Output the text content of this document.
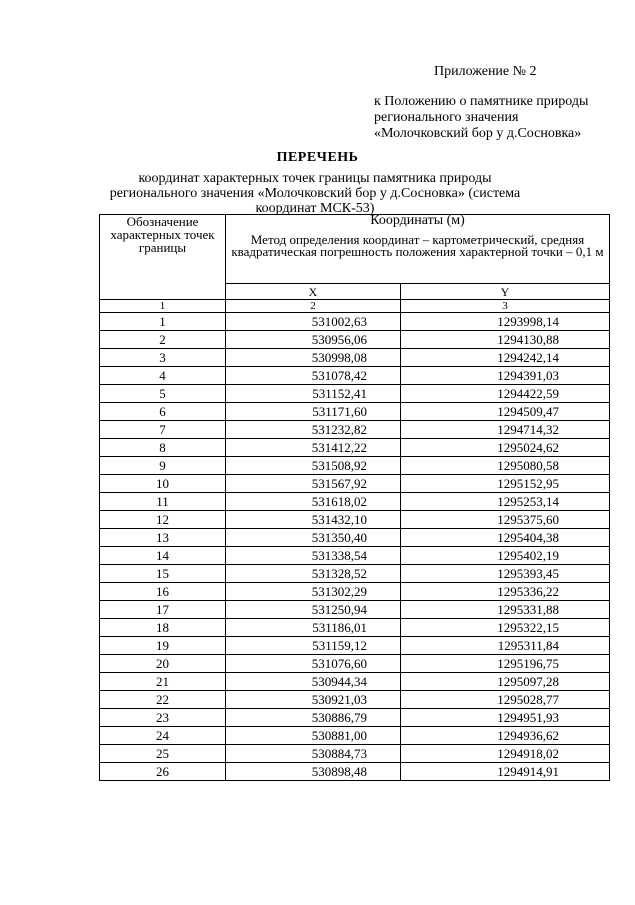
Приложение № 2
к Положению о памятнике природы
регионального значения
«Молочковский бор у д.Сосновка»
ПЕРЕЧЕНЬ
координат характерных точек границы памятника природы регионального значения «Молочковский бор у д.Сосновка» (система координат МСК-53)
Обозначение характерных точек границы	Координаты (м)
Метод определения координат – картометрический, средняя квадратическая погрешность положения характерной точки – 0,1 м	

	X	Y
1	2	3
1	531002,63	1293998,14
2	530956,06	1294130,88
3	530998,08	1294242,14
4	531078,42	1294391,03
5	531152,41	1294422,59
6	531171,60	1294509,47
7	531232,82	1294714,32
8	531412,22	1295024,62
9	531508,92	1295080,58
10	531567,92	1295152,95
11	531618,02	1295253,14
12	531432,10	1295375,60
13	531350,40	1295404,38
14	531338,54	1295402,19
15	531328,52	1295393,45
16	531302,29	1295336,22
17	531250,94	1295331,88
18	531186,01	1295322,15
19	531159,12	1295311,84
20	531076,60	1295196,75
21	530944,34	1295097,28
22	530921,03	1295028,77
23	530886,79	1294951,93
24	530881,00	1294936,62
25	530884,73	1294918,02
26	530898,48	1294914,91
